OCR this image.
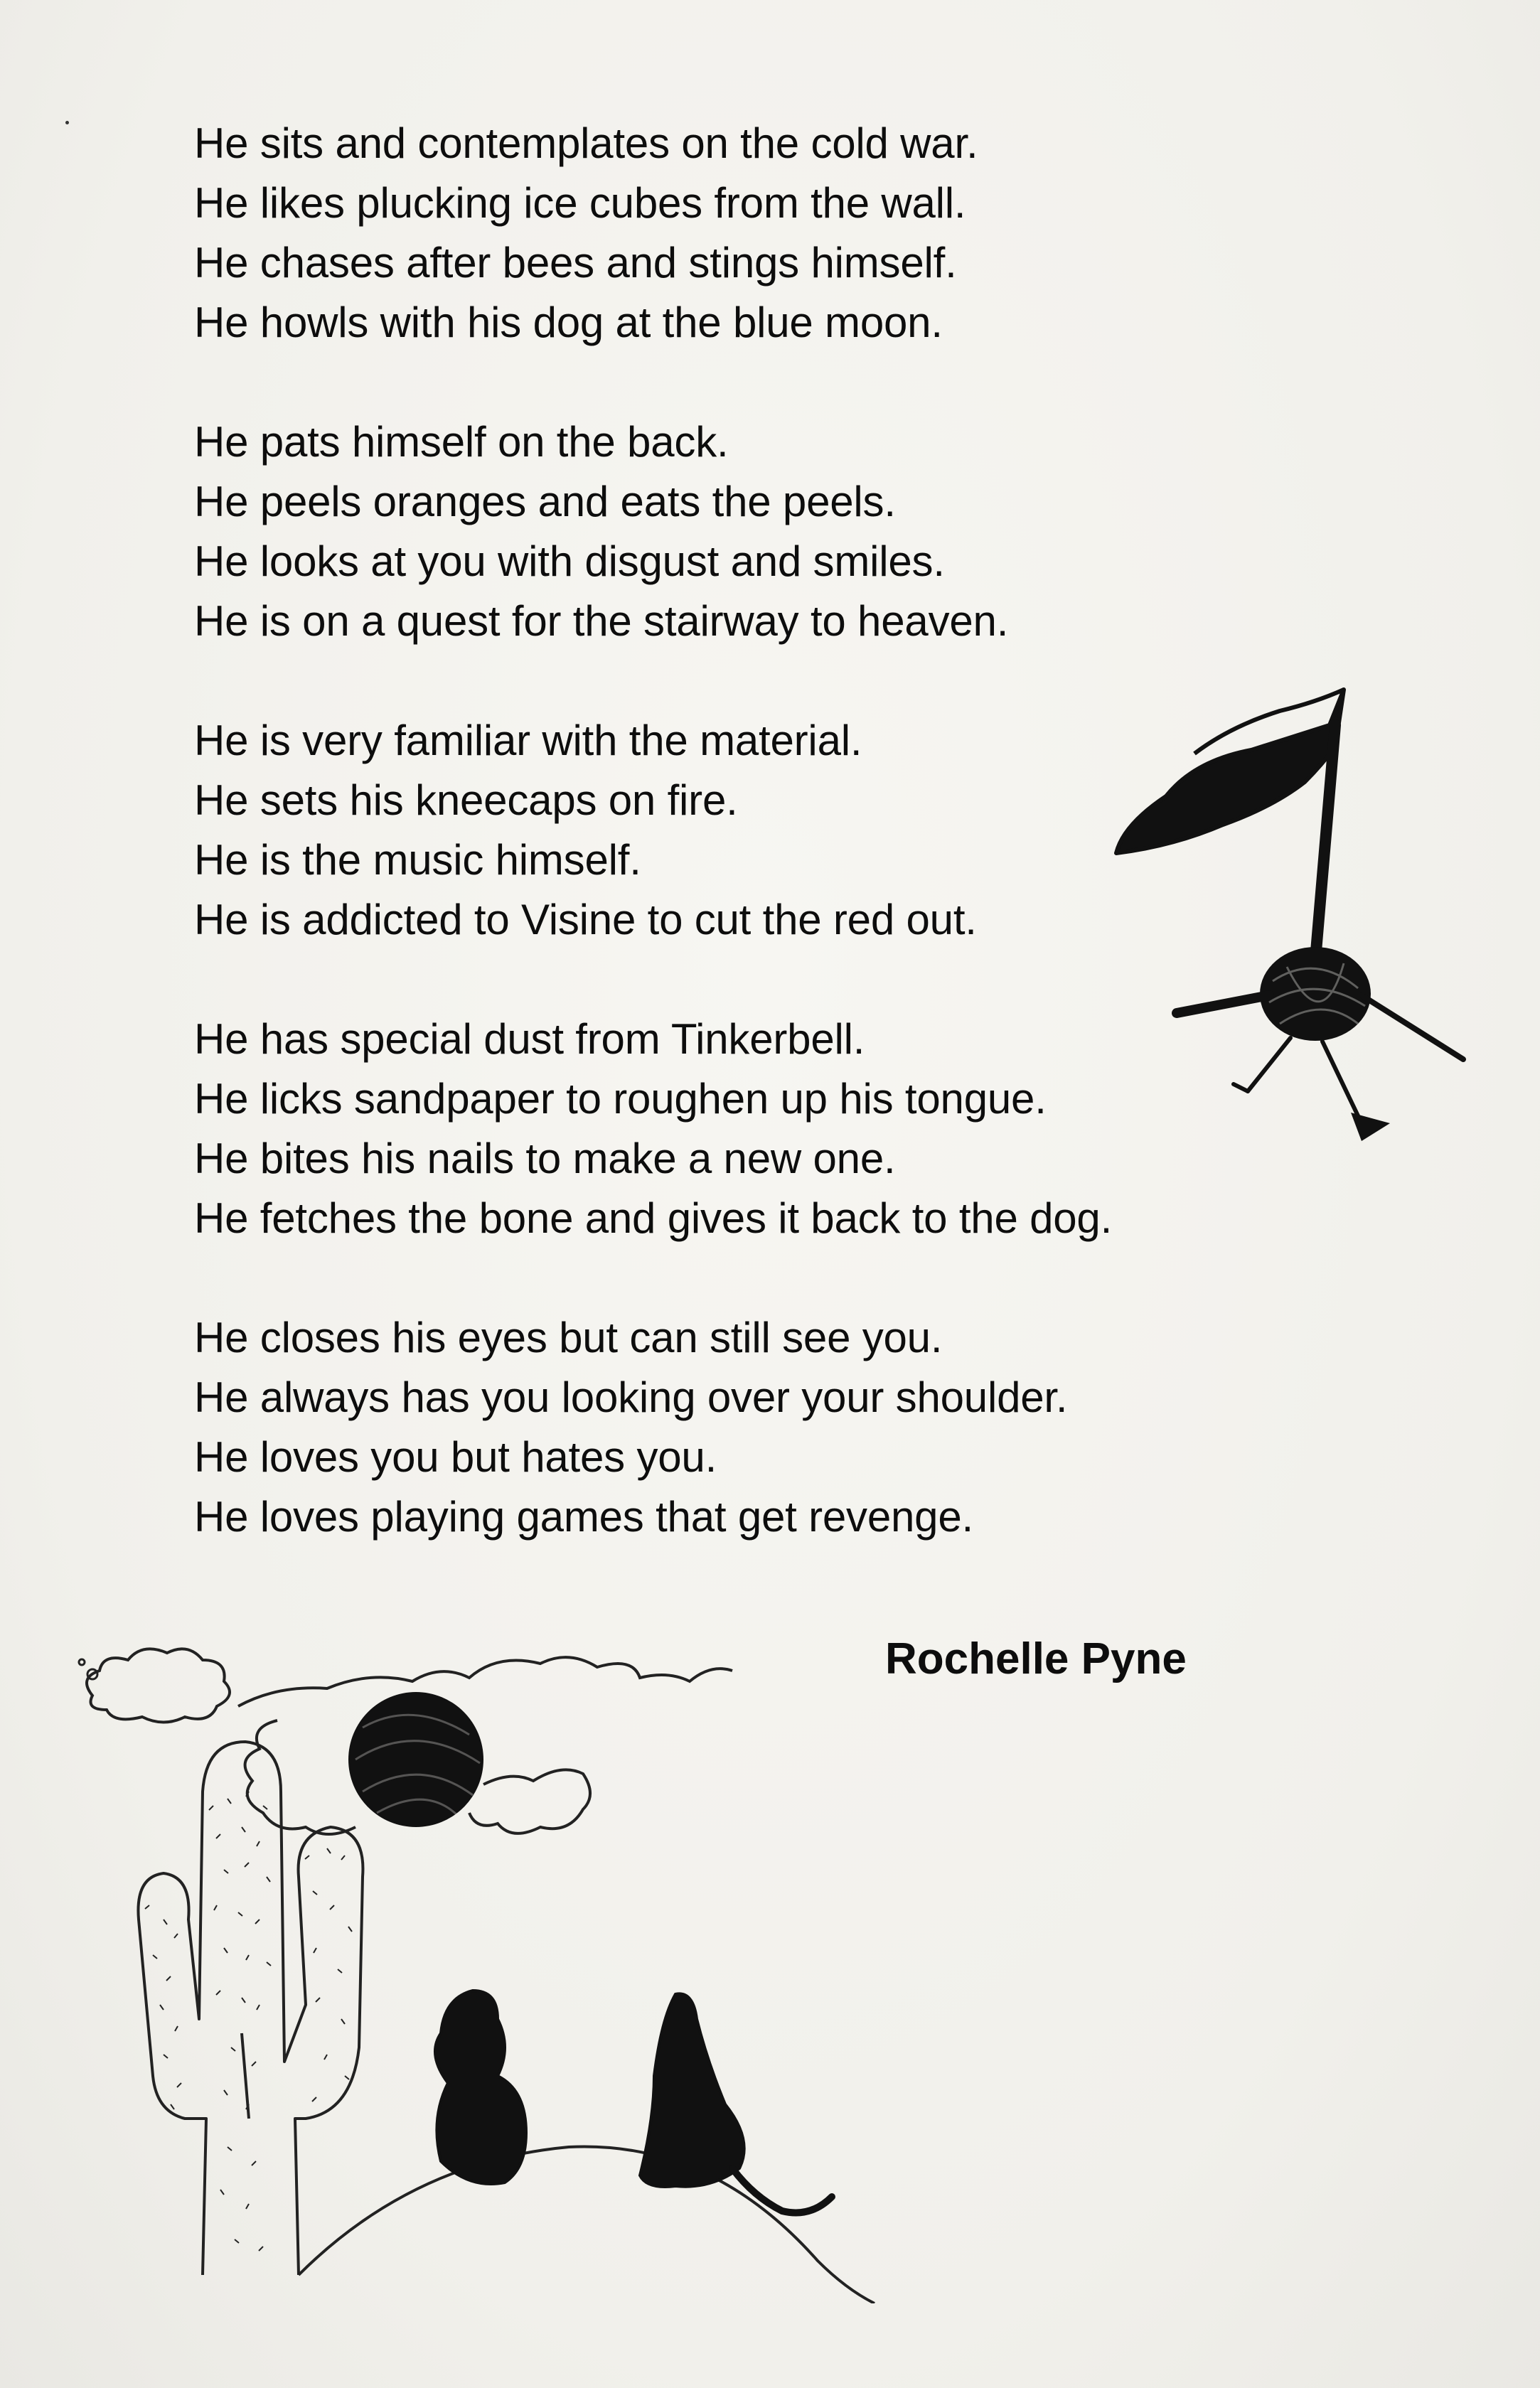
He sits and contemplates on the cold war.
He likes plucking ice cubes from the wall.
He chases after bees and stings himself.
He howls with his dog at the blue moon.
He pats himself on the back.
He peels oranges and eats the peels.
He looks at you with disgust and smiles.
He is on a quest for the stairway to heaven.
He is very familiar with the material.
He sets his kneecaps on fire.
He is the music himself.
He is addicted to Visine to cut the red out.
He has special dust from Tinkerbell.
He licks sandpaper to roughen up his tongue.
He bites his nails to make a new one.
He fetches the bone and gives it back to the dog.
He closes his eyes but can still see you.
He always has you looking over your shoulder.
He loves you but hates you.
He loves playing games that get revenge.
Rochelle Pyne
